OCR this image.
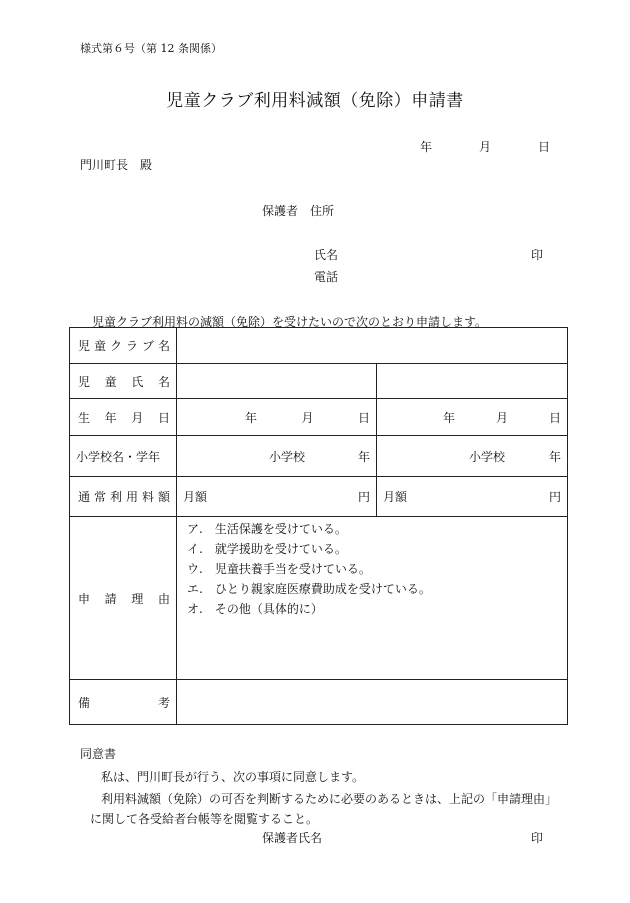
様式第６号（第 12 条関係）
児童クラブ利用料減額（免除）申請書
年	月	日
門川町長　殿
保護者　住所
氏名	印
電話
児童クラブ利用料の減額（免除）を受けたいので次のとおり申請します。
児童クラブ名		
児童氏名		
生年月日	年 月 日	年 月 日

小学校名・学年	小学校 年	小学校 年

通常利用料額	月額 円	月額 円

申請理由	ア.　生活保護を受けている。
イ.　就学援助を受けている。
ウ.　児童扶養手当を受けている。
エ.　ひとり親家庭医療費助成を受けている。
オ.　その他（具体的に）	

備考		
同意書
私は、門川町長が行う、次の事項に同意します。
利用料減額（免除）の可否を判断するために必要のあるときは、上記の「申請理由」
に関して各受給者台帳等を閲覧すること。
保護者氏名	印
